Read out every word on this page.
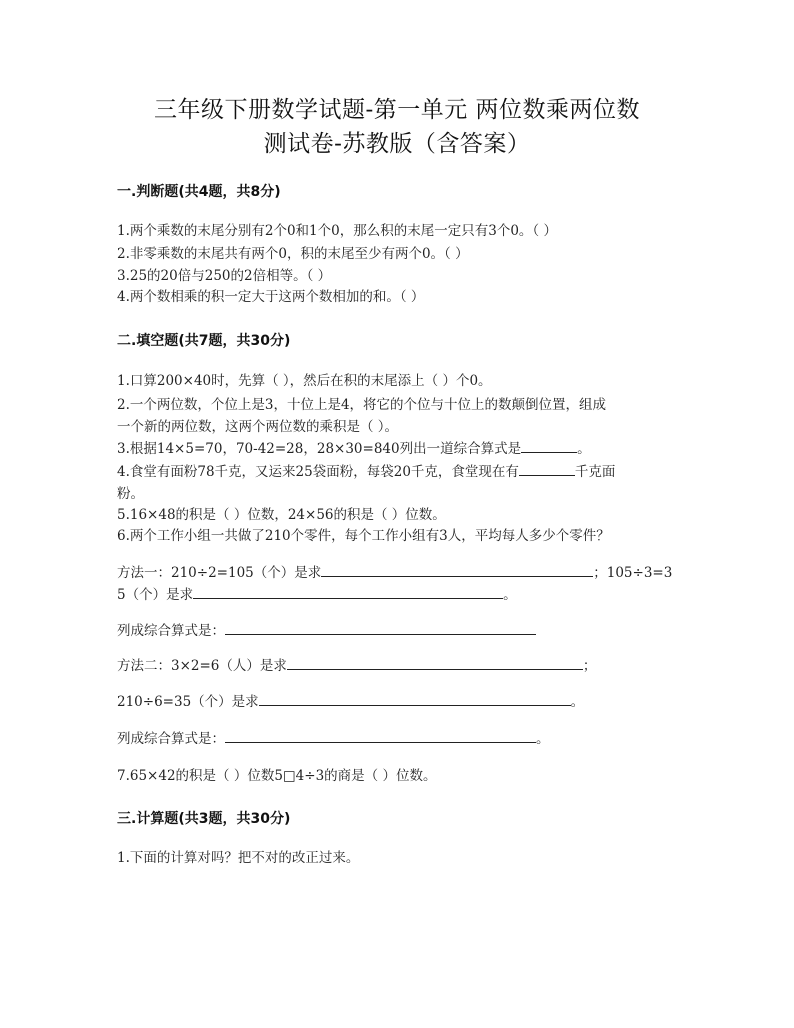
三年级下册数学试题-第一单元 两位数乘两位数
测试卷-苏教版（含答案）
一.判断题(共4题，共8分)
1.两个乘数的末尾分别有2个0和1个0，那么积的末尾一定只有3个0。（ ）
2.非零乘数的末尾共有两个0，积的末尾至少有两个0。（ ）
3.25的20倍与250的2倍相等。（ ）
4.两个数相乘的积一定大于这两个数相加的和。（ ）
二.填空题(共7题，共30分)
1.口算200×40时，先算（ ），然后在积的末尾添上（ ）个0。
2.一个两位数，个位上是3，十位上是4，将它的个位与十位上的数颠倒位置，组成
一个新的两位数，这两个两位数的乘积是（ ）。
3.根据14×5=70，70-42=28，28×30=840列出一道综合算式是	。
4.食堂有面粉78千克，又运来25袋面粉，每袋20千克，食堂现在有	千克面
粉。
5.16×48的积是（ ）位数，24×56的积是（ ）位数。
6.两个工作小组一共做了210个零件，每个工作小组有3人，平均每人多少个零件？
方法一：210÷2=105（个）是求	；105÷3=3
5（个）是求	。
列成综合算式是：
方法二：3×2=6（人）是求	；
210÷6=35（个）是求	。
列成综合算式是：	。
7.65×42的积是（ ）位数5□4÷3的商是（ ）位数。
三.计算题(共3题，共30分)
1.下面的计算对吗？把不对的改正过来。
